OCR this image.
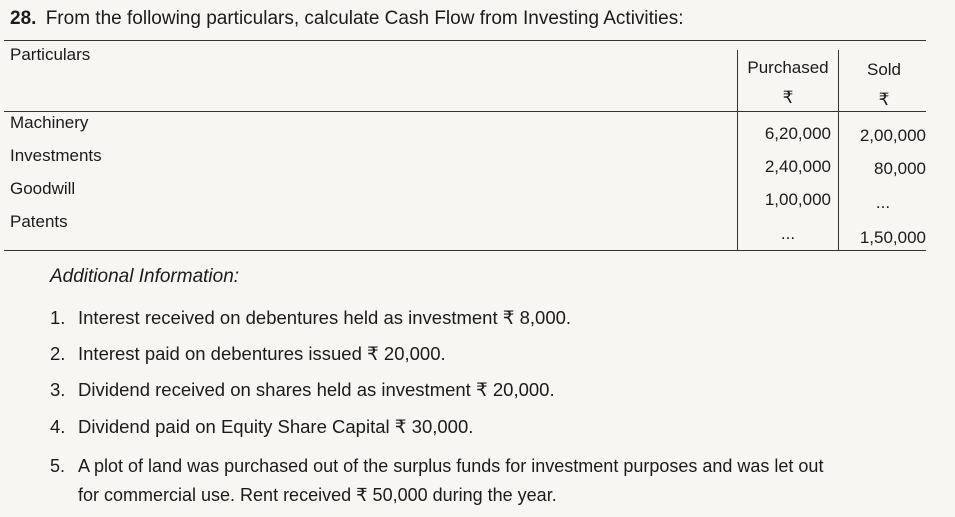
28. From the following particulars, calculate Cash Flow from Investing Activities:
Particulars
Purchased	Sold
₹	₹
Machinery
6,20,000	2,00,000
Investments
2,40,000	80,000
Goodwill
1,00,000	...
Patents
...	1,50,000
Additional Information:
1. Interest received on debentures held as investment ₹ 8,000.
2. Interest paid on debentures issued ₹ 20,000.
3. Dividend received on shares held as investment ₹ 20,000.
4. Dividend paid on Equity Share Capital ₹ 30,000.
5. A plot of land was purchased out of the surplus funds for investment purposes and was let out
for commercial use. Rent received ₹ 50,000 during the year.
